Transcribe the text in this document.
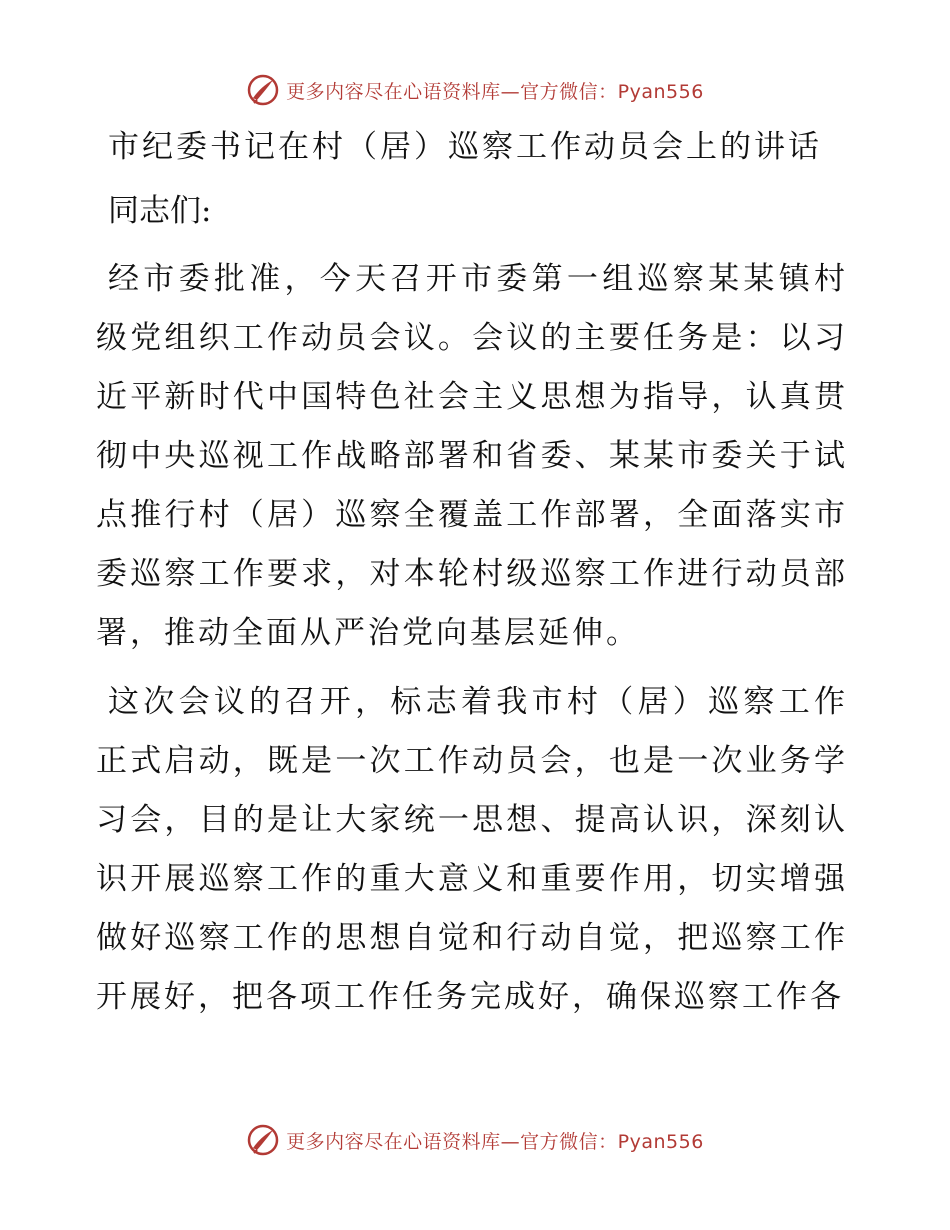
更多内容尽在心语资料库—官方微信：Pyan556
市纪委书记在村（居）巡察工作动员会上的讲话

同志们:

经市委批准，今天召开市委第一组巡察某某镇村级党组织工作动员会议。会议的主要任务是：以习近平新时代中国特色社会主义思想为指导，认真贯彻中央巡视工作战略部署和省委、某某市委关于试点推行村（居）巡察全覆盖工作部署，全面落实市委巡察工作要求，对本轮村级巡察工作进行动员部署，推动全面从严治党向基层延伸。

这次会议的召开，标志着我市村（居）巡察工作正式启动，既是一次工作动员会，也是一次业务学习会，目的是让大家统一思想、提高认识，深刻认识开展巡察工作的重大意义和重要作用，切实增强做好巡察工作的思想自觉和行动自觉，把巡察工作开展好，把各项工作任务完成好，确保巡察工作各

更多内容尽在心语资料库—官方微信：Pyan556
